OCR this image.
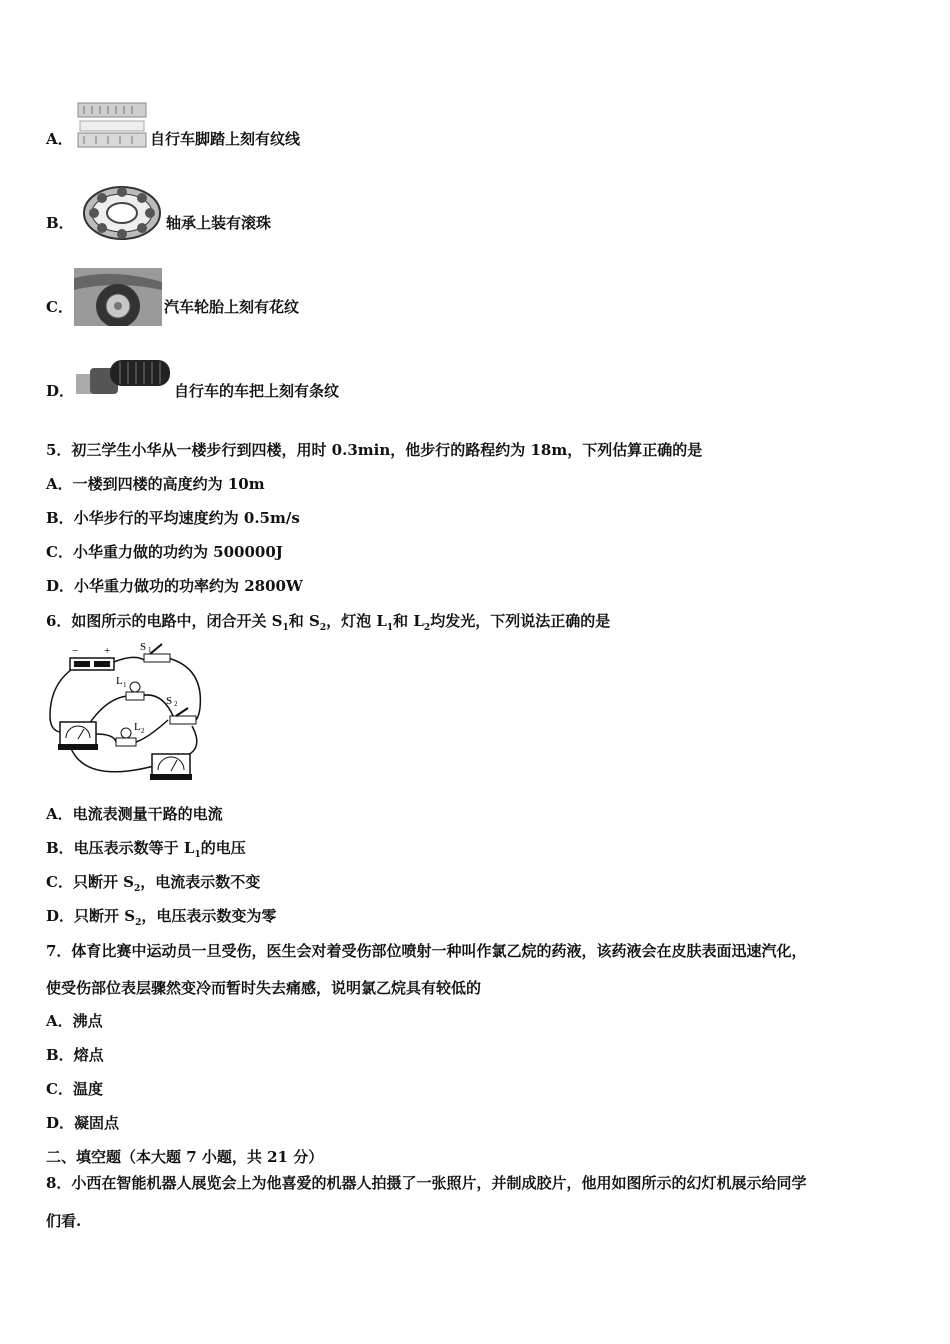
A．	自行车脚踏上刻有纹线
B．	轴承上装有滚珠
C．	汽车轮胎上刻有花纹
D．	自行车的车把上刻有条纹
5．初三学生小华从一楼步行到四楼，用时 0.3min，他步行的路程约为 18m，下列估算正确的是
A．一楼到四楼的高度约为 10m
B．小华步行的平均速度约为 0.5m/s
C．小华重力做的功约为 500000J
D．小华重力做功的功率约为 2800W
6．如图所示的电路中，闭合开关 $S_1$和 $S_2$，灯泡 $L_1$和 $L_2$均发光，下列说法正确的是
− +	S 1
L 1
S 2
L 2
A．电流表测量干路的电流
B．电压表示数等于 $L_1$的电压
C．只断开 $S_2$，电流表示数不变
D．只断开 $S_2$，电压表示数变为零
7．体育比赛中运动员一旦受伤，医生会对着受伤部位喷射一种叫作氯乙烷的药液，该药液会在皮肤表面迅速汽化，
使受伤部位表层骤然变冷而暂时失去痛感，说明氯乙烷具有较低的
A．沸点
B．熔点
C．温度
D．凝固点
二、填空题（本大题 7 小题，共 21 分）
8．小西在智能机器人展览会上为他喜爱的机器人拍摄了一张照片，并制成胶片，他用如图所示的幻灯机展示给同学
们看.
